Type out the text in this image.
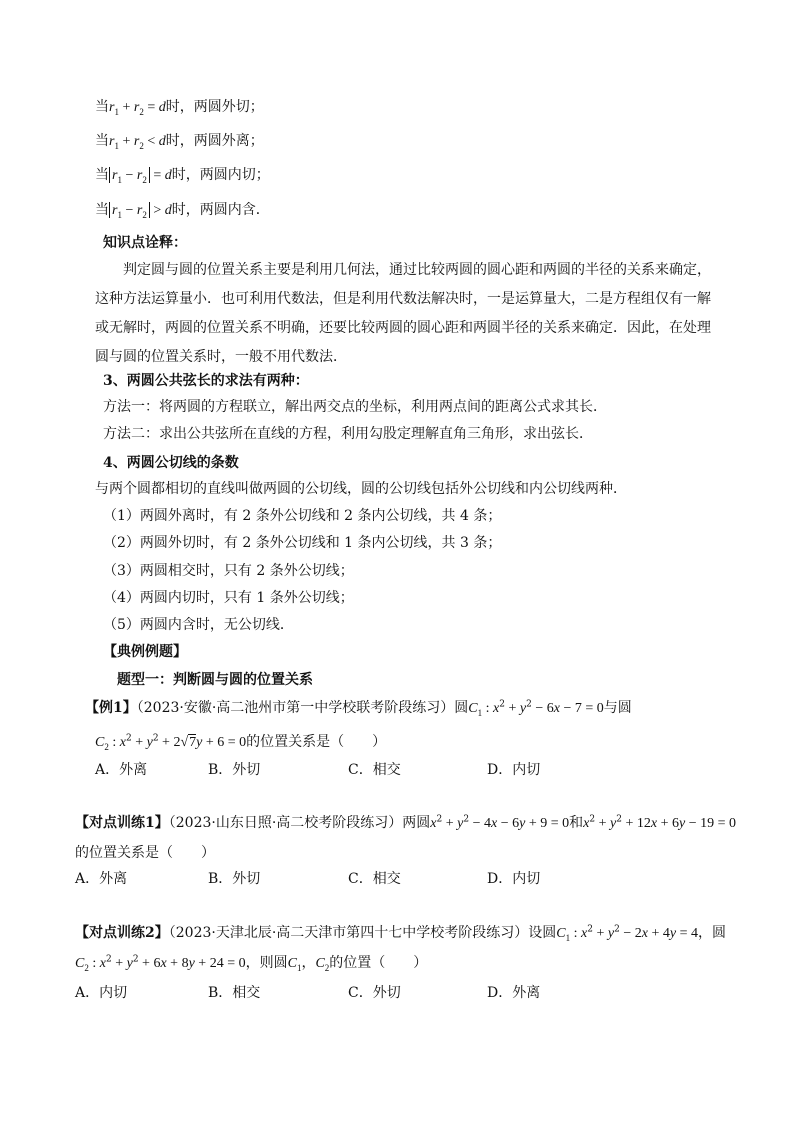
当$r_1 + r_2 = d$时，两圆外切；
当$r_1 + r_2 < d$时，两圆外离；
当 $r_1 - r_2 = d$时，两圆内切；
当 $r_1 - r_2 > d$时，两圆内含．
知识点诠释：
判定圆与圆的位置关系主要是利用几何法，通过比较两圆的圆心距和两圆的半径的关系来确定，这种方法运算量小．也可利用代数法，但是利用代数法解决时，一是运算量大，二是方程组仅有一解或无解时，两圆的位置关系不明确，还要比较两圆的圆心距和两圆半径的关系来确定．因此，在处理圆与圆的位置关系时，一般不用代数法．
3、两圆公共弦长的求法有两种：
方法一：将两圆的方程联立，解出两交点的坐标，利用两点间的距离公式求其长．
方法二：求出公共弦所在直线的方程，利用勾股定理解直角三角形，求出弦长．
4、两圆公切线的条数
与两个圆都相切的直线叫做两圆的公切线，圆的公切线包括外公切线和内公切线两种．
（1）两圆外离时，有 2 条外公切线和 2 条内公切线，共 4 条；
（2）两圆外切时，有 2 条外公切线和 1 条内公切线，共 3 条；
（3）两圆相交时，只有 2 条外公切线；
（4）两圆内切时，只有 1 条外公切线；
（5）两圆内含时，无公切线．
【典例例题】
题型一：判断圆与圆的位置关系
【例1】（2023·安徽·高二池州市第一中学校联考阶段练习）圆$C_1$ : $x^2 + y^2 - 6x - 7 = 0$与圆
$C_2$ : $x^2 + y^2 + 2√7y + 6 = 0$的位置关系是（　　）
A．外离	B．外切	C．相交	D．内切
【对点训练1】（2023·山东日照·高二校考阶段练习）两圆$x^2 + y^2 - 4x - 6y + 9 = 0$和$x^2 + y^2 + 12x + 6y - 19 = 0$
的位置关系是（　　）
A．外离	B．外切	C．相交	D．内切
【对点训练2】（2023·天津北辰·高二天津市第四十七中学校考阶段练习）设圆$C_1$ : $x^2 + y^2 - 2x + 4y = 4$，圆
$C_2$ : $x^2 + y^2 + 6x + 8y + 24 = 0$，则圆$C_1$，$C_2$的位置（　　）
A．内切	B．相交	C．外切	D．外离
